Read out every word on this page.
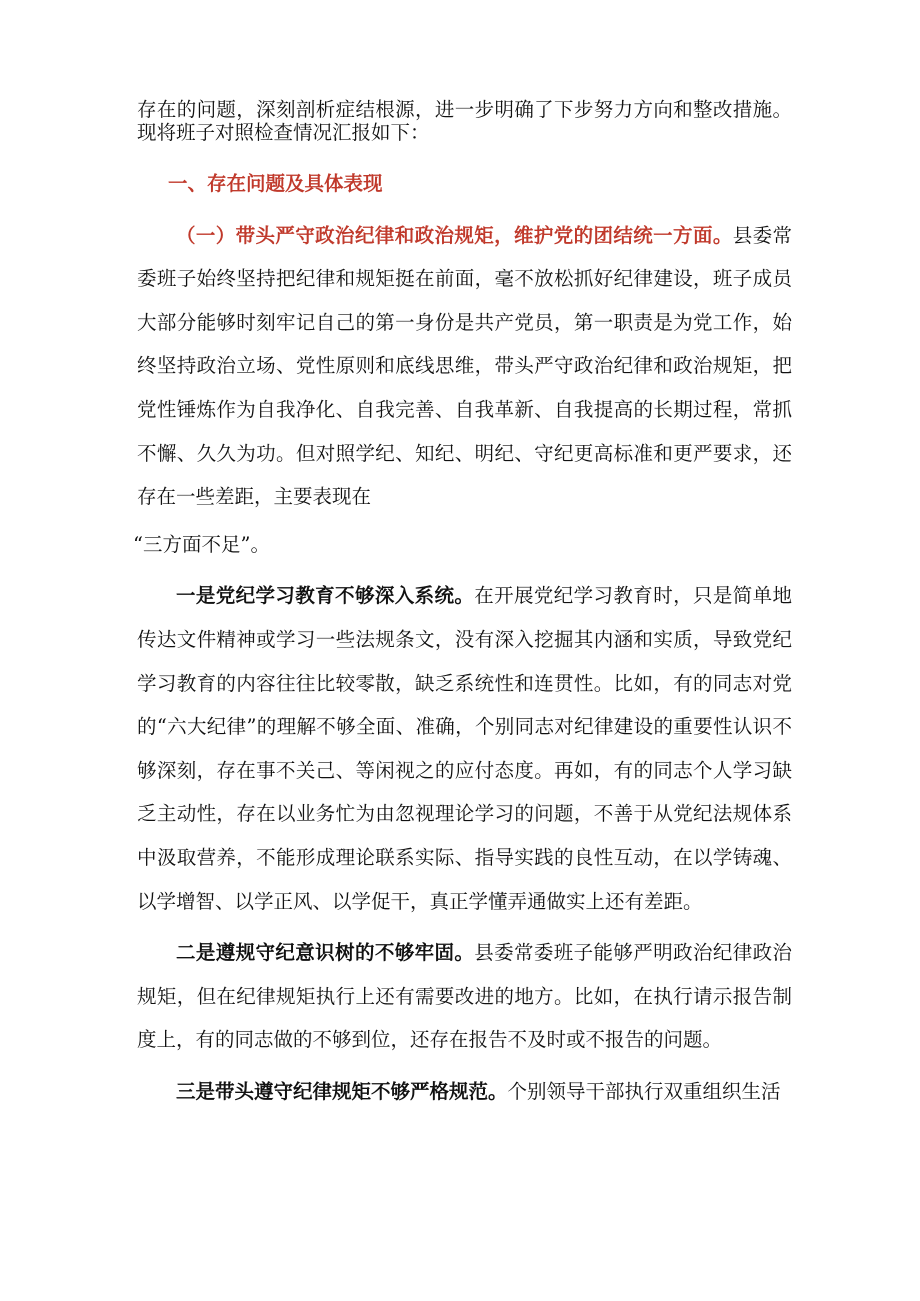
存在的问题，深刻剖析症结根源，进一步明确了下步努力方向和整改措施。现将班子对照检查情况汇报如下：

一、存在问题及具体表现

（一）带头严守政治纪律和政治规矩，维护党的团结统一方面。县委常委班子始终坚持把纪律和规矩挺在前面，毫不放松抓好纪律建设，班子成员大部分能够时刻牢记自己的第一身份是共产党员，第一职责是为党工作，始终坚持政治立场、党性原则和底线思维，带头严守政治纪律和政治规矩，把党性锤炼作为自我净化、自我完善、自我革新、自我提高的长期过程，常抓不懈、久久为功。但对照学纪、知纪、明纪、守纪更高标准和更严要求，还存在一些差距，主要表现在

“三方面不足”。

一是党纪学习教育不够深入系统。在开展党纪学习教育时，只是简单地传达文件精神或学习一些法规条文，没有深入挖掘其内涵和实质，导致党纪学习教育的内容往往比较零散，缺乏系统性和连贯性。比如，有的同志对党的“六大纪律”的理解不够全面、准确，个别同志对纪律建设的重要性认识不够深刻，存在事不关己、等闲视之的应付态度。再如，有的同志个人学习缺乏主动性，存在以业务忙为由忽视理论学习的问题，不善于从党纪法规体系中汲取营养，不能形成理论联系实际、指导实践的良性互动，在以学铸魂、以学增智、以学正风、以学促干，真正学懂弄通做实上还有差距。

二是遵规守纪意识树的不够牢固。县委常委班子能够严明政治纪律政治规矩，但在纪律规矩执行上还有需要改进的地方。比如，在执行请示报告制度上，有的同志做的不够到位，还存在报告不及时或不报告的问题。

三是带头遵守纪律规矩不够严格规范。个别领导干部执行双重组织生活
